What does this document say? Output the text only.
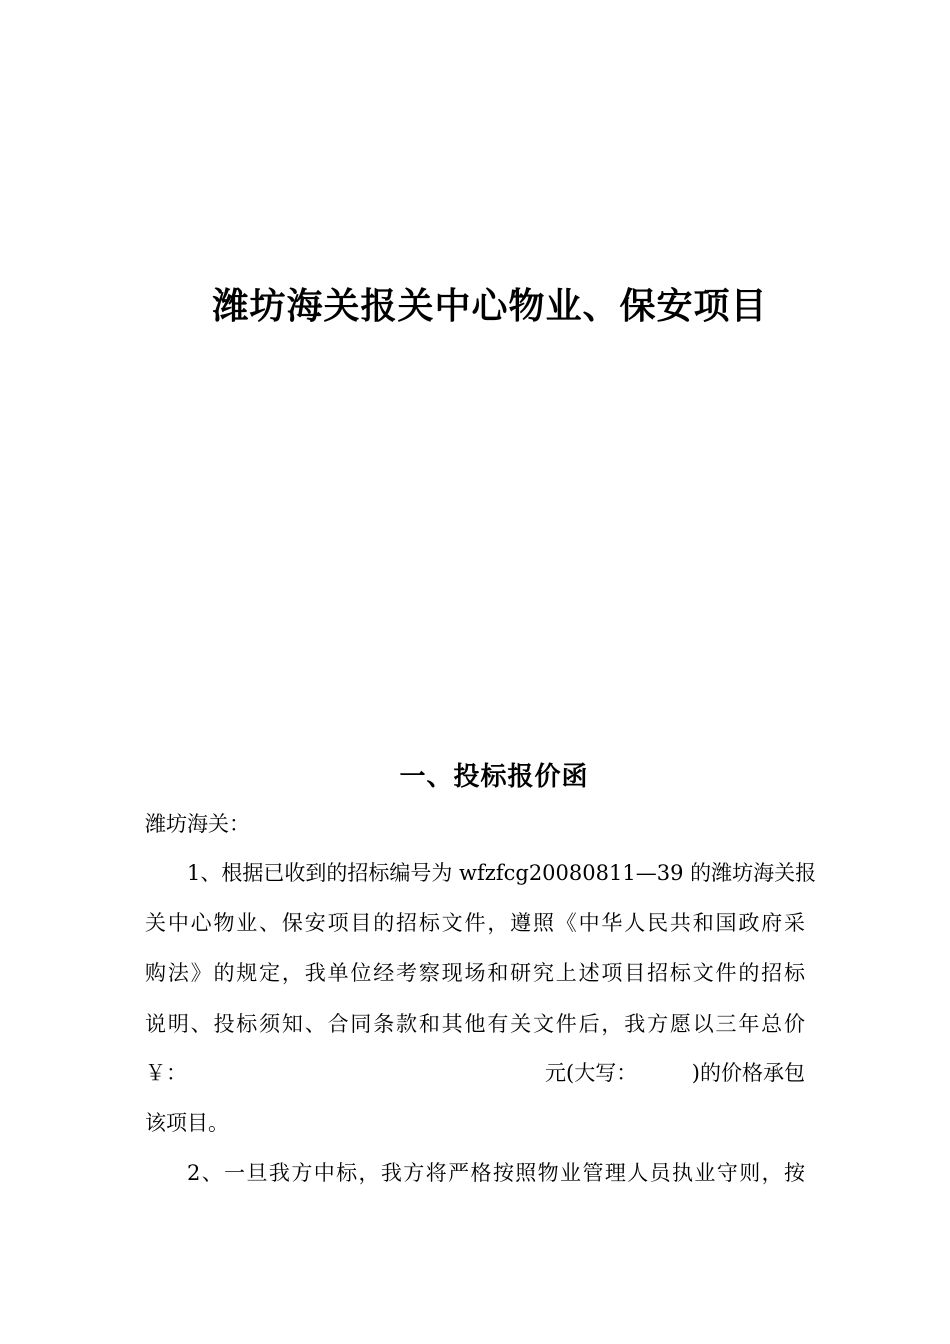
潍坊海关报关中心物业、保安项目
一、投标报价函
潍坊海关：
1、根据已收到的招标编号为 wfzfcg20080811—39 的潍坊海关报
关中心物业、保安项目的招标文件，遵照《中华人民共和国政府采
购法》的规定，我单位经考察现场和研究上述项目招标文件的招标
说明、投标须知、合同条款和其他有关文件后，我方愿以三年总价
￥：	元(大写：	)的价格承包
该项目。
2、一旦我方中标，我方将严格按照物业管理人员执业守则，按
